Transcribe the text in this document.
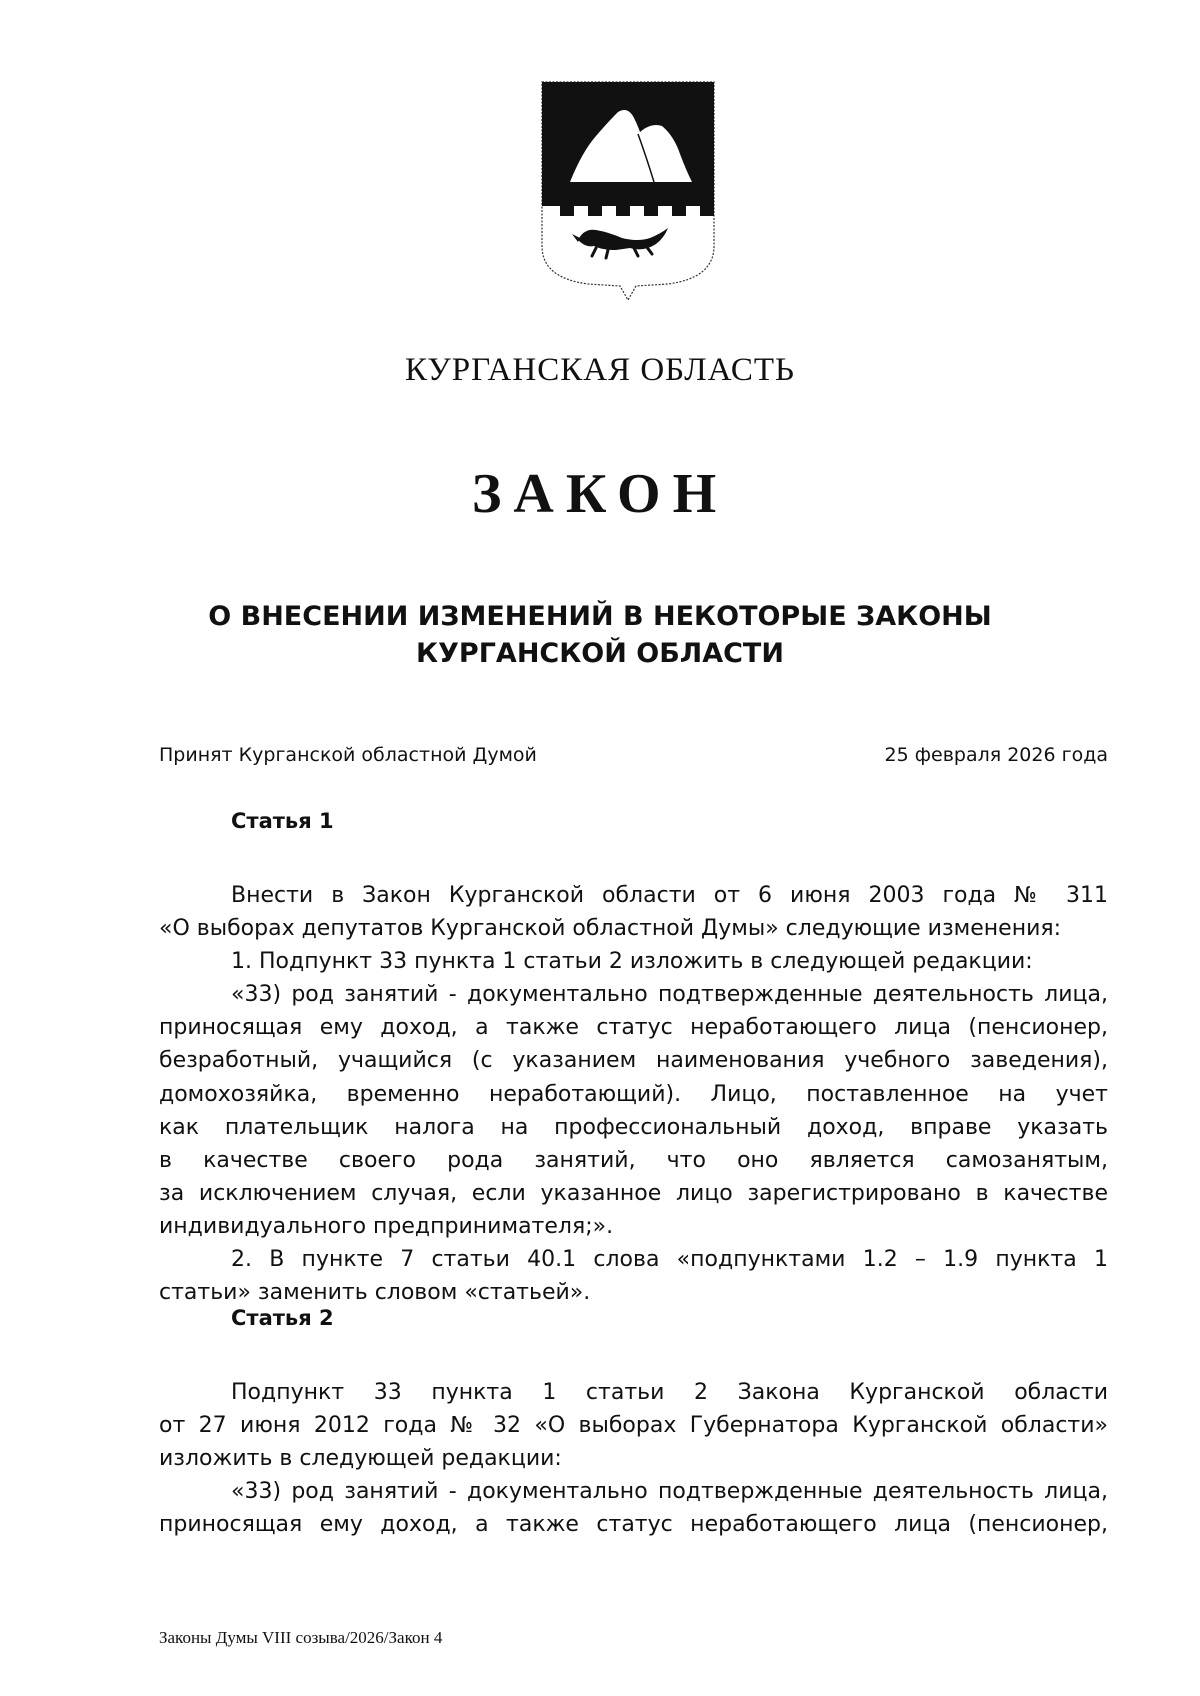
КУРГАНСКАЯ ОБЛАСТЬ
ЗАКОН
О ВНЕСЕНИИ ИЗМЕНЕНИЙ В НЕКОТОРЫЕ ЗАКОНЫ
КУРГАНСКОЙ ОБЛАСТИ
Принят Курганской областной Думой	25 февраля 2026 года
Статья 1

Внести в Закон Курганской области от 6 июня 2003 года № 311

«О выборах депутатов Курганской областной Думы» следующие изменения:

1. Подпункт 33 пункта 1 статьи 2 изложить в следующей редакции:

«33) род занятий - документально подтвержденные деятельность лица,

приносящая ему доход, а также статус неработающего лица (пенсионер,

безработный, учащийся (с указанием наименования учебного заведения),

домохозяйка, временно неработающий). Лицо, поставленное на учет

как плательщик налога на профессиональный доход, вправе указать

в качестве своего рода занятий, что оно является самозанятым,

за исключением случая, если указанное лицо зарегистрировано в качестве

индивидуального предпринимателя;».

2. В пункте 7 статьи 40.1 слова «подпунктами 1.2 – 1.9 пункта 1

статьи» заменить словом «статьей».

Статья 2

Подпункт 33 пункта 1 статьи 2 Закона Курганской области

от 27 июня 2012 года № 32 «О выборах Губернатора Курганской области»

изложить в следующей редакции:

«33) род занятий - документально подтвержденные деятельность лица,

приносящая ему доход, а также статус неработающего лица (пенсионер,

Законы Думы VIII созыва/2026/Закон 4
